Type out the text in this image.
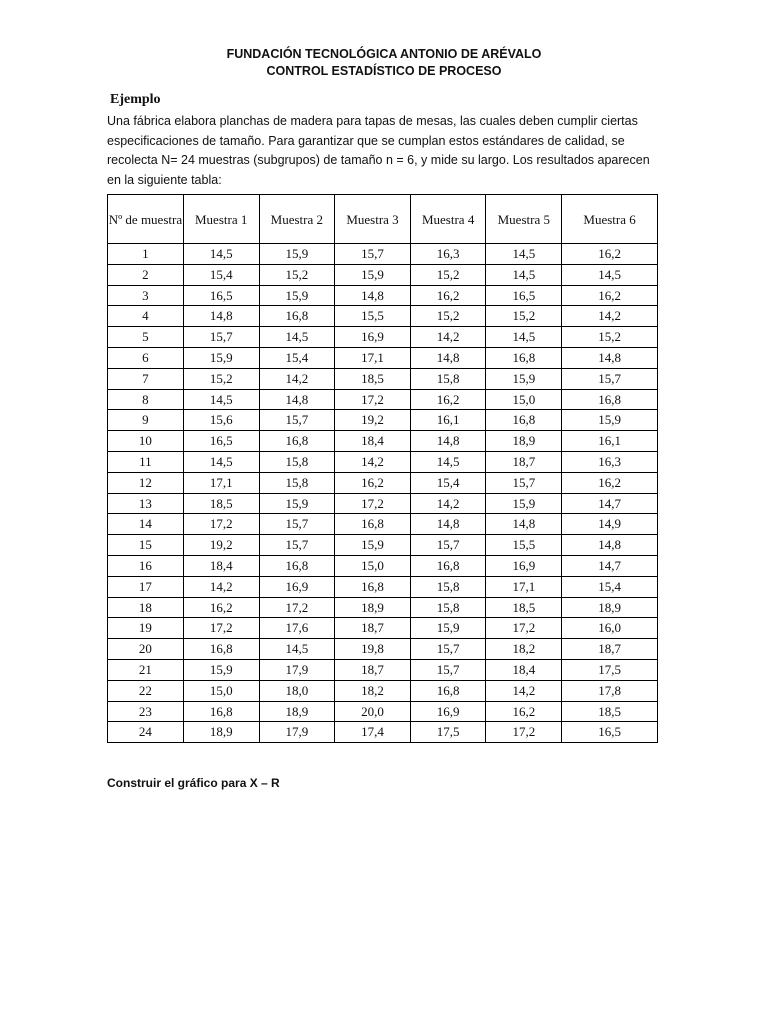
FUNDACIÓN TECNOLÓGICA ANTONIO DE ARÉVALO
CONTROL ESTADÍSTICO DE PROCESO
Ejemplo
Una fábrica elabora planchas de madera para tapas de mesas, las cuales deben cumplir ciertas especificaciones de tamaño. Para garantizar que se cumplan estos estándares de calidad, se recolecta N= 24 muestras (subgrupos) de tamaño n = 6, y mide su largo. Los resultados aparecen en la siguiente tabla:
Nº de muestra	Muestra 1	Muestra 2	Muestra 3	Muestra 4	Muestra 5	Muestra 6
1	14,5	15,9	15,7	16,3	14,5	16,2
2	15,4	15,2	15,9	15,2	14,5	14,5
3	16,5	15,9	14,8	16,2	16,5	16,2
4	14,8	16,8	15,5	15,2	15,2	14,2
5	15,7	14,5	16,9	14,2	14,5	15,2
6	15,9	15,4	17,1	14,8	16,8	14,8
7	15,2	14,2	18,5	15,8	15,9	15,7
8	14,5	14,8	17,2	16,2	15,0	16,8
9	15,6	15,7	19,2	16,1	16,8	15,9
10	16,5	16,8	18,4	14,8	18,9	16,1
11	14,5	15,8	14,2	14,5	18,7	16,3
12	17,1	15,8	16,2	15,4	15,7	16,2
13	18,5	15,9	17,2	14,2	15,9	14,7
14	17,2	15,7	16,8	14,8	14,8	14,9
15	19,2	15,7	15,9	15,7	15,5	14,8
16	18,4	16,8	15,0	16,8	16,9	14,7
17	14,2	16,9	16,8	15,8	17,1	15,4
18	16,2	17,2	18,9	15,8	18,5	18,9
19	17,2	17,6	18,7	15,9	17,2	16,0
20	16,8	14,5	19,8	15,7	18,2	18,7
21	15,9	17,9	18,7	15,7	18,4	17,5
22	15,0	18,0	18,2	16,8	14,2	17,8
23	16,8	18,9	20,0	16,9	16,2	18,5
24	18,9	17,9	17,4	17,5	17,2	16,5
Construir el gráfico para X – R
